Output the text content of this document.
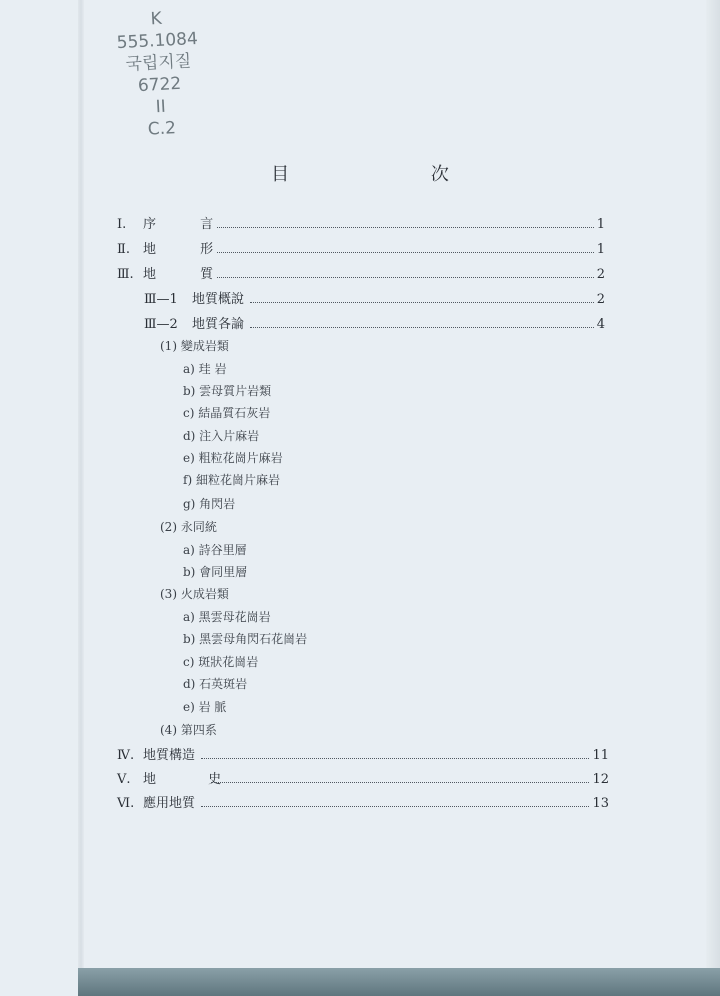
K
555.1084
국립지질
6722
II
C.2
目 次
Ⅰ.	序 言	1
Ⅱ.	地 形	1
Ⅲ. 地 質	2
Ⅲ—1	地質概說	2
Ⅲ—2	地質各論	4
(1) 變成岩類
a) 珪 岩
b) 雲母質片岩類
c) 結晶質石灰岩
d) 注入片麻岩
e) 粗粒花崗片麻岩
f) 細粒花崗片麻岩
g) 角閃岩
(2) 永同統
a) 詩谷里層
b) 會同里層
(3) 火成岩類
a) 黑雲母花崗岩
b) 黑雲母角閃石花崗岩
c) 斑狀花崗岩
d) 石英斑岩
e) 岩 脈
(4) 第四系
Ⅳ. 地質構造	11
Ⅴ. 地 史	12
Ⅵ. 應用地質	13
